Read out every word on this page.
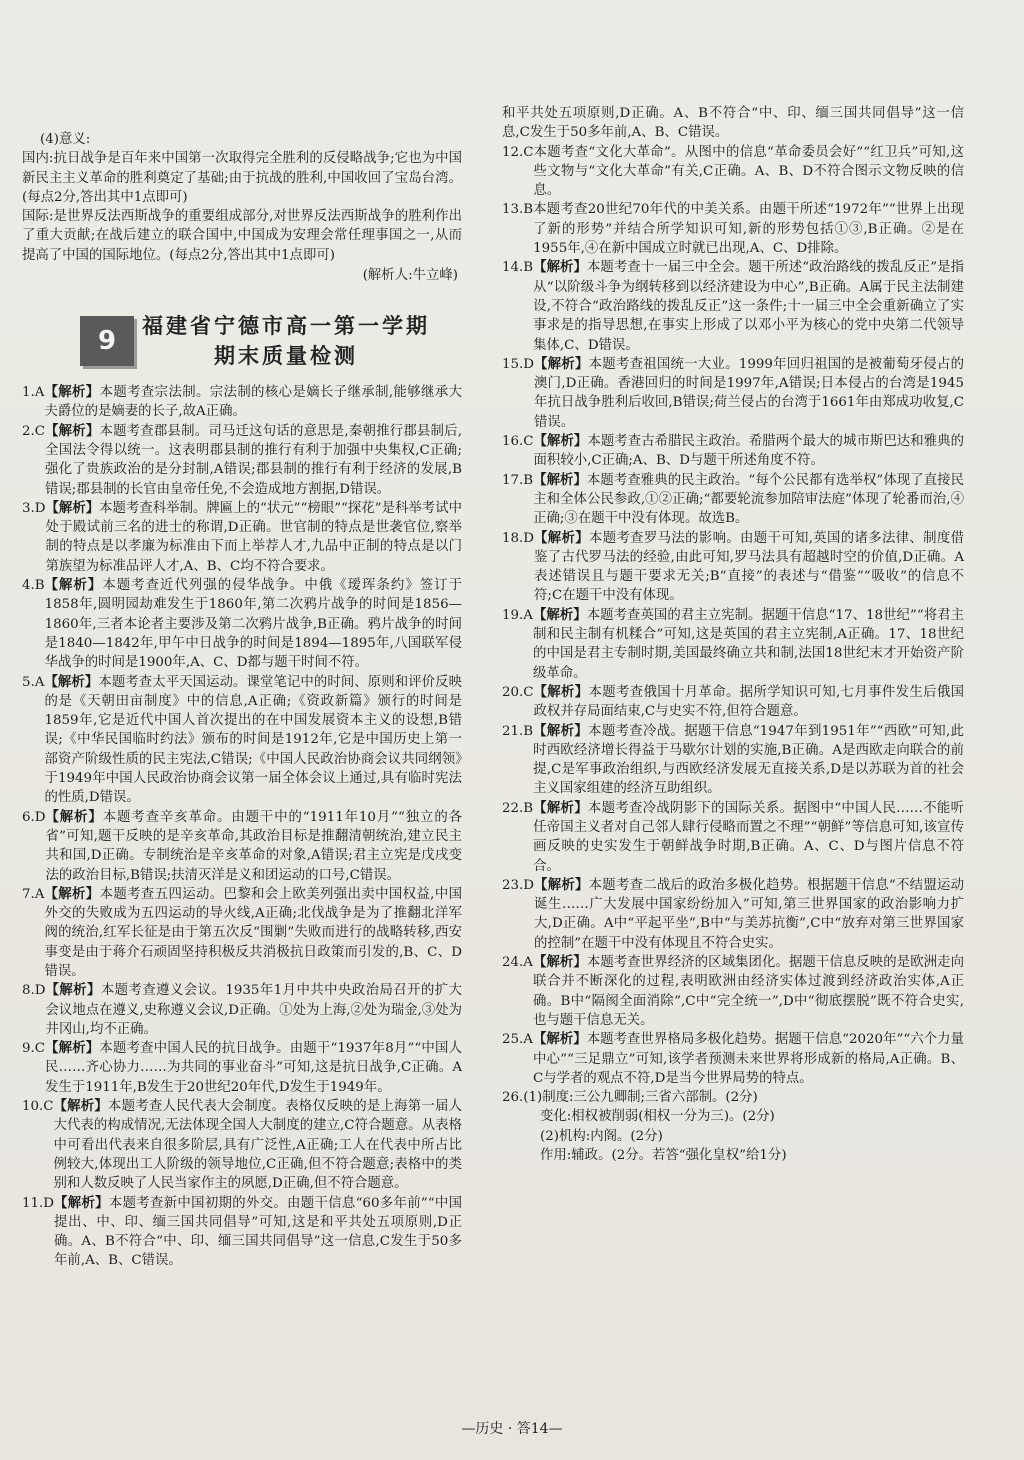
(4)意义:

国内:抗日战争是百年来中国第一次取得完全胜利的反侵略战争;它也为中国新民主主义革命的胜利奠定了基础;由于抗战的胜利,中国收回了宝岛台湾。(每点2分,答出其中1点即可)

国际:是世界反法西斯战争的重要组成部分,对世界反法西斯战争的胜利作出了重大贡献;在战后建立的联合国中,中国成为安理会常任理事国之一,从而提高了中国的国际地位。(每点2分,答出其中1点即可)

(解析人:牛立峰)

9	福建省宁德市高一第一学期
期末质量检测
1.A 【解析】本题考查宗法制。宗法制的核心是嫡长子继承制,能够继承大夫爵位的是嫡妻的长子,故A正确。
2.C 【解析】本题考查郡县制。司马迁这句话的意思是,秦朝推行郡县制后,全国法令得以统一。这表明郡县制的推行有利于加强中央集权,C正确;强化了贵族政治的是分封制,A错误;郡县制的推行有利于经济的发展,B错误;郡县制的长官由皇帝任免,不会造成地方割据,D错误。
3.D 【解析】本题考查科举制。牌匾上的“状元”“榜眼”“探花”是科举考试中处于殿试前三名的进士的称谓,D正确。世官制的特点是世袭官位,察举制的特点是以孝廉为标准由下而上举荐人才,九品中正制的特点是以门第族望为标准品评人才,A、B、C均不符合要求。
4.B 【解析】本题考查近代列强的侵华战争。中俄《瑷珲条约》签订于1858年,圆明园劫难发生于1860年,第二次鸦片战争的时间是1856—1860年,三者本论者主要涉及第二次鸦片战争,B正确。鸦片战争的时间是1840—1842年,甲午中日战争的时间是1894—1895年,八国联军侵华战争的时间是1900年,A、C、D都与题干时间不符。
5.A 【解析】本题考查太平天国运动。课堂笔记中的时间、原则和评价反映的是《天朝田亩制度》中的信息,A正确;《资政新篇》颁行的时间是1859年,它是近代中国人首次提出的在中国发展资本主义的设想,B错误;《中华民国临时约法》颁布的时间是1912年,它是中国历史上第一部资产阶级性质的民主宪法,C错误;《中国人民政治协商会议共同纲领》于1949年中国人民政治协商会议第一届全体会议上通过,具有临时宪法的性质,D错误。
6.D 【解析】本题考查辛亥革命。由题干中的“1911年10月”“独立的各省”可知,题干反映的是辛亥革命,其政治目标是推翻清朝统治,建立民主共和国,D正确。专制统治是辛亥革命的对象,A错误;君主立宪是戊戌变法的政治目标,B错误;扶清灭洋是义和团运动的口号,C错误。
7.A 【解析】本题考查五四运动。巴黎和会上欧美列强出卖中国权益,中国外交的失败成为五四运动的导火线,A正确;北伐战争是为了推翻北洋军阀的统治,红军长征是由于第五次反“围剿”失败而进行的战略转移,西安事变是由于蒋介石顽固坚持积极反共消极抗日政策而引发的,B、C、D错误。
8.D 【解析】本题考查遵义会议。1935年1月中共中央政治局召开的扩大会议地点在遵义,史称遵义会议,D正确。①处为上海,②处为瑞金,③处为井冈山,均不正确。
9.C 【解析】本题考查中国人民的抗日战争。由题干“1937年8月”“中国人民……齐心协力……为共同的事业奋斗”可知,这是抗日战争,C正确。A发生于1911年,B发生于20世纪20年代,D发生于1949年。
10.C 【解析】本题考查人民代表大会制度。表格仅反映的是上海第一届人大代表的构成情况,无法体现全国人大制度的建立,C符合题意。从表格中可看出代表来自很多阶层,具有广泛性,A正确;工人在代表中所占比例较大,体现出工人阶级的领导地位,C正确,但不符合题意;表格中的类别和人数反映了人民当家作主的夙愿,D正确,但不符合题意。
11.D 【解析】本题考查新中国初期的外交。由题干信息“60多年前”“中国提出、中、印、缅三国共同倡导”可知,这是和平共处五项原则,D正确。A、B不符合“中、印、缅三国共同倡导”这一信息,C发生于50多年前,A、B、C错误。

和平共处五项原则,D正确。A、B不符合“中、印、缅三国共同倡导”这一信息,C发生于50多年前,A、B、C错误。

12.C 本题考查“文化大革命”。从图中的信息“革命委员会好”“红卫兵”可知,这些文物与“文化大革命”有关,C正确。A、B、D不符合图示文物反映的信息。
13.B 本题考查20世纪70年代的中美关系。由题干所述“1972年”“世界上出现了新的形势”并结合所学知识可知,新的形势包括①③,B正确。②是在1955年,④在新中国成立时就已出现,A、C、D排除。
14.B 【解析】本题考查十一届三中全会。题干所述“政治路线的拨乱反正”是指从“以阶级斗争为纲转移到以经济建设为中心”,B正确。A属于民主法制建设,不符合“政治路线的拨乱反正”这一条件;十一届三中全会重新确立了实事求是的指导思想,在事实上形成了以邓小平为核心的党中央第二代领导集体,C、D错误。
15.D 【解析】本题考查祖国统一大业。1999年回归祖国的是被葡萄牙侵占的澳门,D正确。香港回归的时间是1997年,A错误;日本侵占的台湾是1945年抗日战争胜利后收回,B错误;荷兰侵占的台湾于1661年由郑成功收复,C错误。
16.C 【解析】本题考查古希腊民主政治。希腊两个最大的城市斯巴达和雅典的面积较小,C正确;A、B、D与题干所述角度不符。
17.B 【解析】本题考查雅典的民主政治。“每个公民都有选举权”体现了直接民主和全体公民参政,①②正确;“都要轮流参加陪审法庭”体现了轮番而治,④正确;③在题干中没有体现。故选B。
18.D 【解析】本题考查罗马法的影响。由题干可知,英国的诸多法律、制度借鉴了古代罗马法的经验,由此可知,罗马法具有超越时空的价值,D正确。A表述错误且与题干要求无关;B“直接”的表述与“借鉴”“吸收”的信息不符;C在题干中没有体现。
19.A 【解析】本题考查英国的君主立宪制。据题干信息“17、18世纪”“将君主制和民主制有机糅合”可知,这是英国的君主立宪制,A正确。17、18世纪的中国是君主专制时期,美国最终确立共和制,法国18世纪末才开始资产阶级革命。
20.C 【解析】本题考查俄国十月革命。据所学知识可知,七月事件发生后俄国政权并存局面结束,C与史实不符,但符合题意。
21.B 【解析】本题考查冷战。据题干信息“1947年到1951年”“西欧”可知,此时西欧经济增长得益于马歇尔计划的实施,B正确。A是西欧走向联合的前提,C是军事政治组织,与西欧经济发展无直接关系,D是以苏联为首的社会主义国家组建的经济互助组织。
22.B 【解析】本题考查冷战阴影下的国际关系。据图中“中国人民……不能听任帝国主义者对自己邻人肆行侵略而置之不理”“朝鲜”等信息可知,该宣传画反映的史实发生于朝鲜战争时期,B正确。A、C、D与图片信息不符合。
23.D 【解析】本题考查二战后的政治多极化趋势。根据题干信息“不结盟运动诞生……广大发展中国家纷纷加入”可知,第三世界国家的政治影响力扩大,D正确。A中“平起平坐”,B中“与美苏抗衡”,C中“放弃对第三世界国家的控制”在题干中没有体现且不符合史实。
24.A 【解析】本题考查世界经济的区域集团化。据题干信息反映的是欧洲走向联合并不断深化的过程,表明欧洲由经济实体过渡到经济政治实体,A正确。B中“隔阂全面消除”,C中“完全统一”,D中“彻底摆脱”既不符合史实,也与题干信息无关。
25.A 【解析】本题考查世界格局多极化趋势。据题干信息“2020年”“六个力量中心”“三足鼎立”可知,该学者预测未来世界将形成新的格局,A正确。B、C与学者的观点不符,D是当今世界局势的特点。
26. (1)制度:三公九卿制;三省六部制。(2分)

变化:相权被削弱(相权一分为三)。(2分)

(2)机构:内阁。(2分)

作用:辅政。(2分。若答“强化皇权”给1分)

—历史 · 答14—
